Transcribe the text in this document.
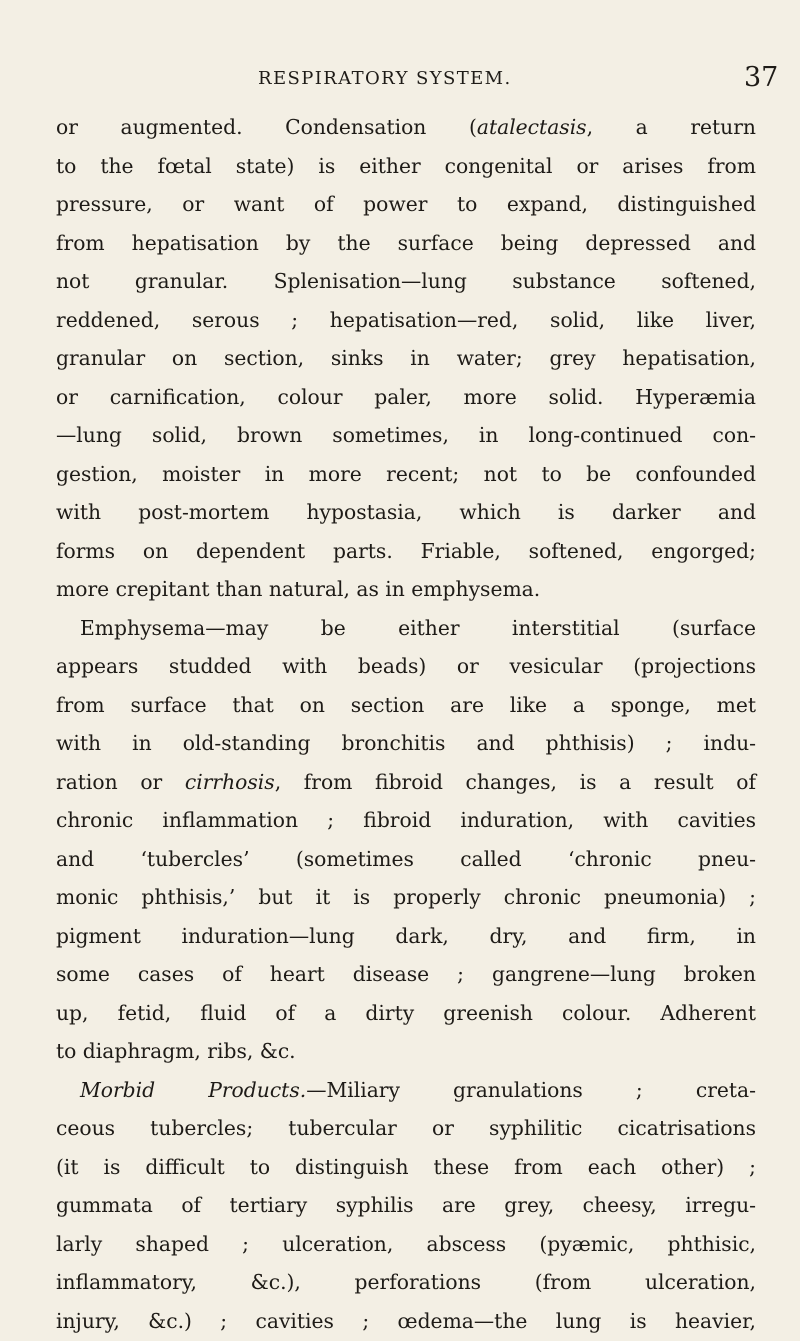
RESPIRATORY SYSTEM.	37
or augmented. Condensation (atalectasis, a return
to the fœtal state) is either congenital or arises from
pressure, or want of power to expand, distinguished
from hepatisation by the surface being depressed and
not granular. Splenisation—lung substance softened,
reddened, serous ; hepatisation—red, solid, like liver,
granular on section, sinks in water; grey hepatisation,
or carnification, colour paler, more solid. Hyperæmia
—lung solid, brown sometimes, in long-continued con-
gestion, moister in more recent; not to be confounded
with post-mortem hypostasia, which is darker and
forms on dependent parts. Friable, softened, engorged;
more crepitant than natural, as in emphysema.
Emphysema—may be either interstitial (surface
appears studded with beads) or vesicular (projections
from surface that on section are like a sponge, met
with in old-standing bronchitis and phthisis) ; indu-
ration or cirrhosis, from fibroid changes, is a result of
chronic inflammation ; fibroid induration, with cavities
and ‘tubercles’ (sometimes called ‘chronic pneu-
monic phthisis,’ but it is properly chronic pneumonia) ;
pigment induration—lung dark, dry, and firm, in
some cases of heart disease ; gangrene—lung broken
up, fetid, fluid of a dirty greenish colour. Adherent
to diaphragm, ribs, &c.
Morbid Products.—Miliary granulations ; creta-
ceous tubercles; tubercular or syphilitic cicatrisations
(it is difficult to distinguish these from each other) ;
gummata of tertiary syphilis are grey, cheesy, irregu-
larly shaped ; ulceration, abscess (pyæmic, phthisic,
inflammatory, &c.), perforations (from ulceration,
injury, &c.) ; cavities ; œdema—the lung is heavier,
